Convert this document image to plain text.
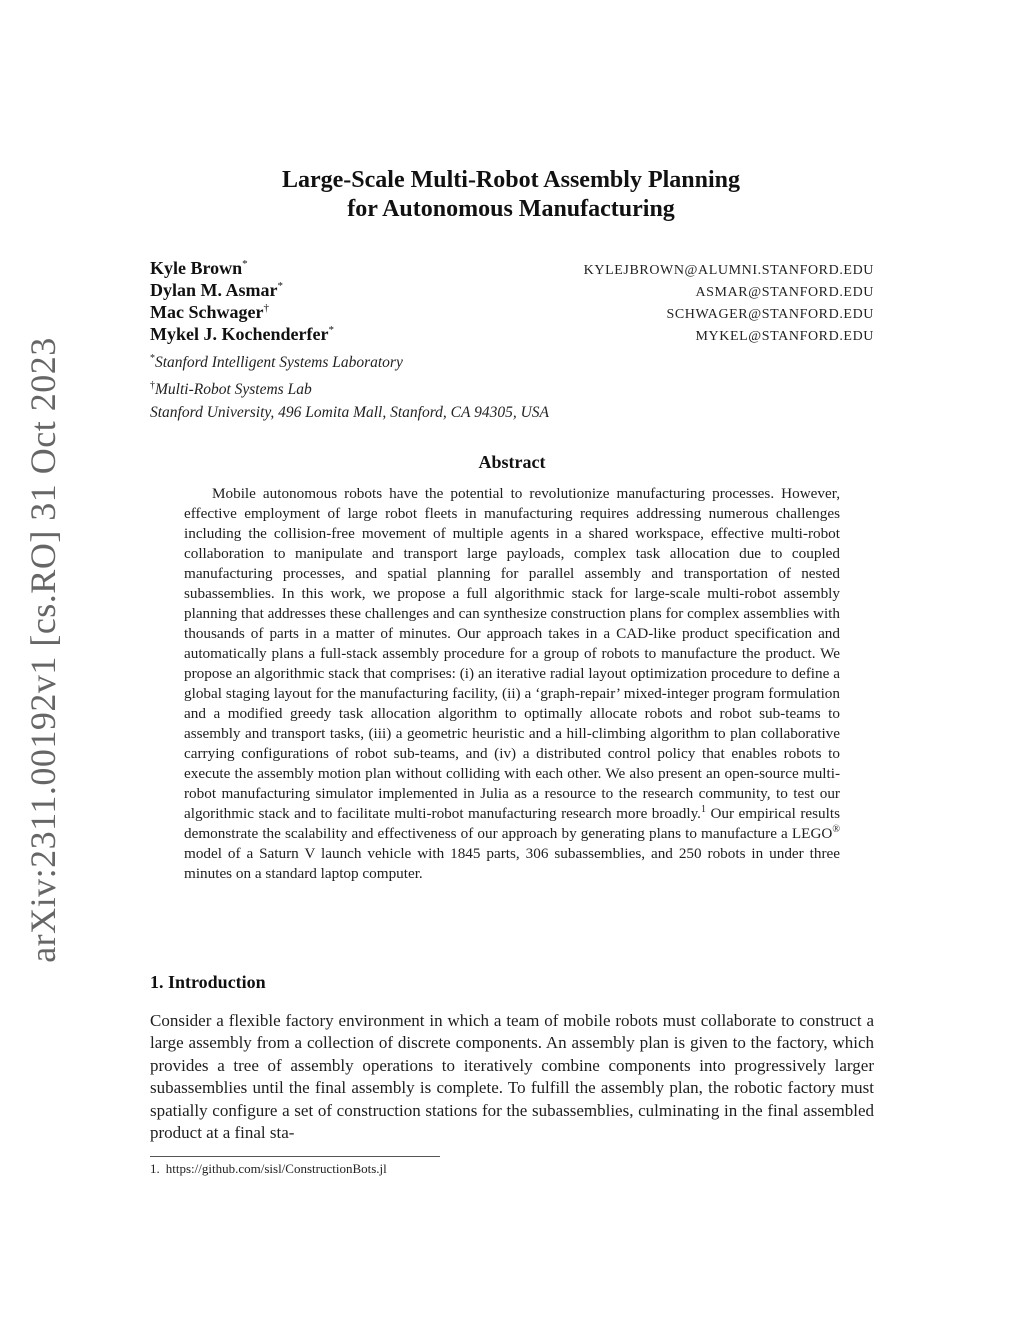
arXiv:2311.00192v1 [cs.RO] 31 Oct 2023
Large-Scale Multi-Robot Assembly Planning
for Autonomous Manufacturing
Kyle Brown*	KYLEJBROWN@ALUMNI.STANFORD.EDU
Dylan M. Asmar*	ASMAR@STANFORD.EDU
Mac Schwager†	SCHWAGER@STANFORD.EDU
Mykel J. Kochenderfer*	MYKEL@STANFORD.EDU
*Stanford Intelligent Systems Laboratory
†Multi-Robot Systems Lab
Stanford University, 496 Lomita Mall, Stanford, CA 94305, USA
Abstract
Mobile autonomous robots have the potential to revolutionize manufacturing processes. However, effective employment of large robot fleets in manufacturing requires addressing numerous challenges including the collision-free movement of multiple agents in a shared workspace, effective multi-robot collaboration to manipulate and transport large payloads, complex task allocation due to coupled manufacturing processes, and spatial planning for parallel assembly and transportation of nested subassemblies. In this work, we propose a full algorithmic stack for large-scale multi-robot assembly planning that addresses these challenges and can synthesize construction plans for complex assemblies with thousands of parts in a matter of minutes. Our approach takes in a CAD-like product specification and automatically plans a full-stack assembly procedure for a group of robots to manufacture the product. We propose an algorithmic stack that comprises: (i) an iterative radial layout optimization procedure to define a global staging layout for the manufacturing facility, (ii) a ‘graph-repair’ mixed-integer program formulation and a modified greedy task allocation algorithm to optimally allocate robots and robot sub-teams to assembly and transport tasks, (iii) a geometric heuristic and a hill-climbing algorithm to plan collaborative carrying configurations of robot sub-teams, and (iv) a distributed control policy that enables robots to execute the assembly motion plan without colliding with each other. We also present an open-source multi-robot manufacturing simulator implemented in Julia as a resource to the research community, to test our algorithmic stack and to facilitate multi-robot manufacturing research more broadly.$^1$ Our empirical results demonstrate the scalability and effectiveness of our approach by generating plans to manufacture a LEGO® model of a Saturn V launch vehicle with 1845 parts, 306 subassemblies, and 250 robots in under three minutes on a standard laptop computer.
1. Introduction
Consider a flexible factory environment in which a team of mobile robots must collaborate to construct a large assembly from a collection of discrete components. An assembly plan is given to the factory, which provides a tree of assembly operations to iteratively combine components into progressively larger subassemblies until the final assembly is complete. To fulfill the assembly plan, the robotic factory must spatially configure a set of construction stations for the subassemblies, culminating in the final assembled product at a final sta-
1. https://github.com/sisl/ConstructionBots.jl
